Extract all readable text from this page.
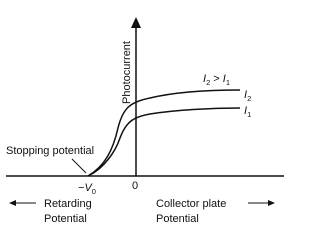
Photocurrent	$I_2 > I_1$
$I_2$
$I_1$
Stopping potential
$-V_0$	0
Retarding
Potential
Collector plate
Potential
